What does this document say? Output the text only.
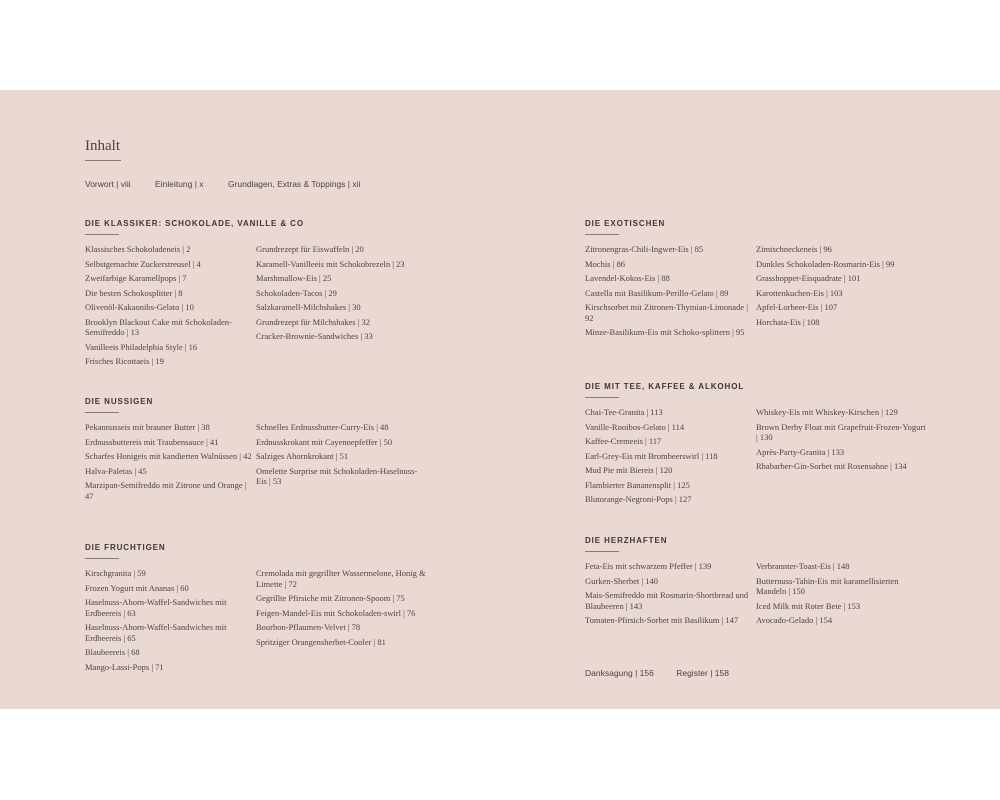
Inhalt
Vorwort | viii	Einleitung | x	Grundlagen, Extras & Toppings | xii
DIE KLASSIKER: SCHOKOLADE, VANILLE & CO
Klassisches Schokoladeneis | 2
Selbstgemachte Zuckerstreusel | 4
Zweifarbige Karamellpops | 7
Die besten Schokosplitter | 8
Olivenöl-Kakaonibs-Gelato | 10
Brooklyn Blackout Cake mit Schokoladen-Semifreddo | 13
Vanilleeis Philadelphia Style | 16
Frisches Ricottaeis | 19
Grundrezept für Eiswaffeln | 20
Karamell-Vanilleeis mit Schokobrezeln | 23
Marshmallow-Eis | 25
Schokoladen-Tacos | 29
Salzkaramell-Milchshakes | 30
Grundrezept für Milchshakes | 32
Cracker-Brownie-Sandwiches | 33
DIE NUSSIGEN
Pekannusseis mit brauner Butter | 38
Erdnussbuttereis mit Traubensauce | 41
Scharfes Honigeis mit kandierten Walnüssen | 42
Halva-Paletas | 45
Marzipan-Semifreddo mit Zitrone und Orange | 47
Schnelles Erdnussbutter-Curry-Eis | 48
Erdnusskrokant mit Cayennepfeffer | 50
Salziges Ahornkrokant | 51
Omelette Surprise mit Schokoladen-Haselnuss-Eis | 53
DIE FRUCHTIGEN
Kirschgranita | 59
Frozen Yogurt mit Ananas | 60
Haselnuss-Ahorn-Waffel-Sandwiches mit Erdbeereis | 63
Haselnuss-Ahorn-Waffel-Sandwiches mit Erdbeereis | 65
Blaubeereis | 68
Mango-Lassi-Pops | 71
Cremolada mit gegrillter Wassermelone, Honig & Limette | 72
Gegrillte Pfirsiche mit Zitronen-Spoom | 75
Feigen-Mandel-Eis mit Schokoladen-swirl | 76
Bourbon-Pflaumen-Velvet | 78
Spritziger Orangensherbet-Cooler | 81
DIE EXOTISCHEN
Zitronengras-Chili-Ingwer-Eis | 85
Mochis | 86
Lavendel-Kokos-Eis | 88
Castella mit Basilikum-Perillo-Gelato | 89
Kirschsorbet mit Zitronen-Thymian-Limonade | 92
Minze-Basilikum-Eis mit Schoko-splittern | 95
Zimtschneckeneis | 96
Dunkles Schokoladen-Rosmarin-Eis | 99
Grasshopper-Eisquadrate | 101
Karottenkuchen-Eis | 103
Apfel-Lorbeer-Eis | 107
Horchata-Eis | 108
DIE MIT TEE, KAFFEE & ALKOHOL
Chai-Tee-Granita | 113
Vanille-Rooibos-Gelato | 114
Kaffee-Cremeeis | 117
Earl-Grey-Eis mit Brombeerswirl | 118
Mud Pie mit Biereis | 120
Flambierter Bananensplit | 125
Blutorange-Negroni-Pops | 127
Whiskey-Eis mit Whiskey-Kirschen | 129
Brown Derby Float mit Grapefruit-Frozen-Yogurt | 130
Après-Party-Granita | 133
Rhabarber-Gin-Sorbet mit Rosensahne | 134
DIE HERZHAFTEN
Feta-Eis mit schwarzem Pfeffer | 139
Gurken-Sherbet | 140
Mais-Semifreddo mit Rosmarin-Shortbread und Blaubeeren | 143
Tomaten-Pfirsich-Sorbet mit Basilikum | 147
Verbrannter-Toast-Eis | 148
Butternuss-Tahin-Eis mit karamellisierten Mandeln | 150
Iced Milk mit Roter Bete | 153
Avocado-Gelado | 154
Danksagung | 156	Register | 158
